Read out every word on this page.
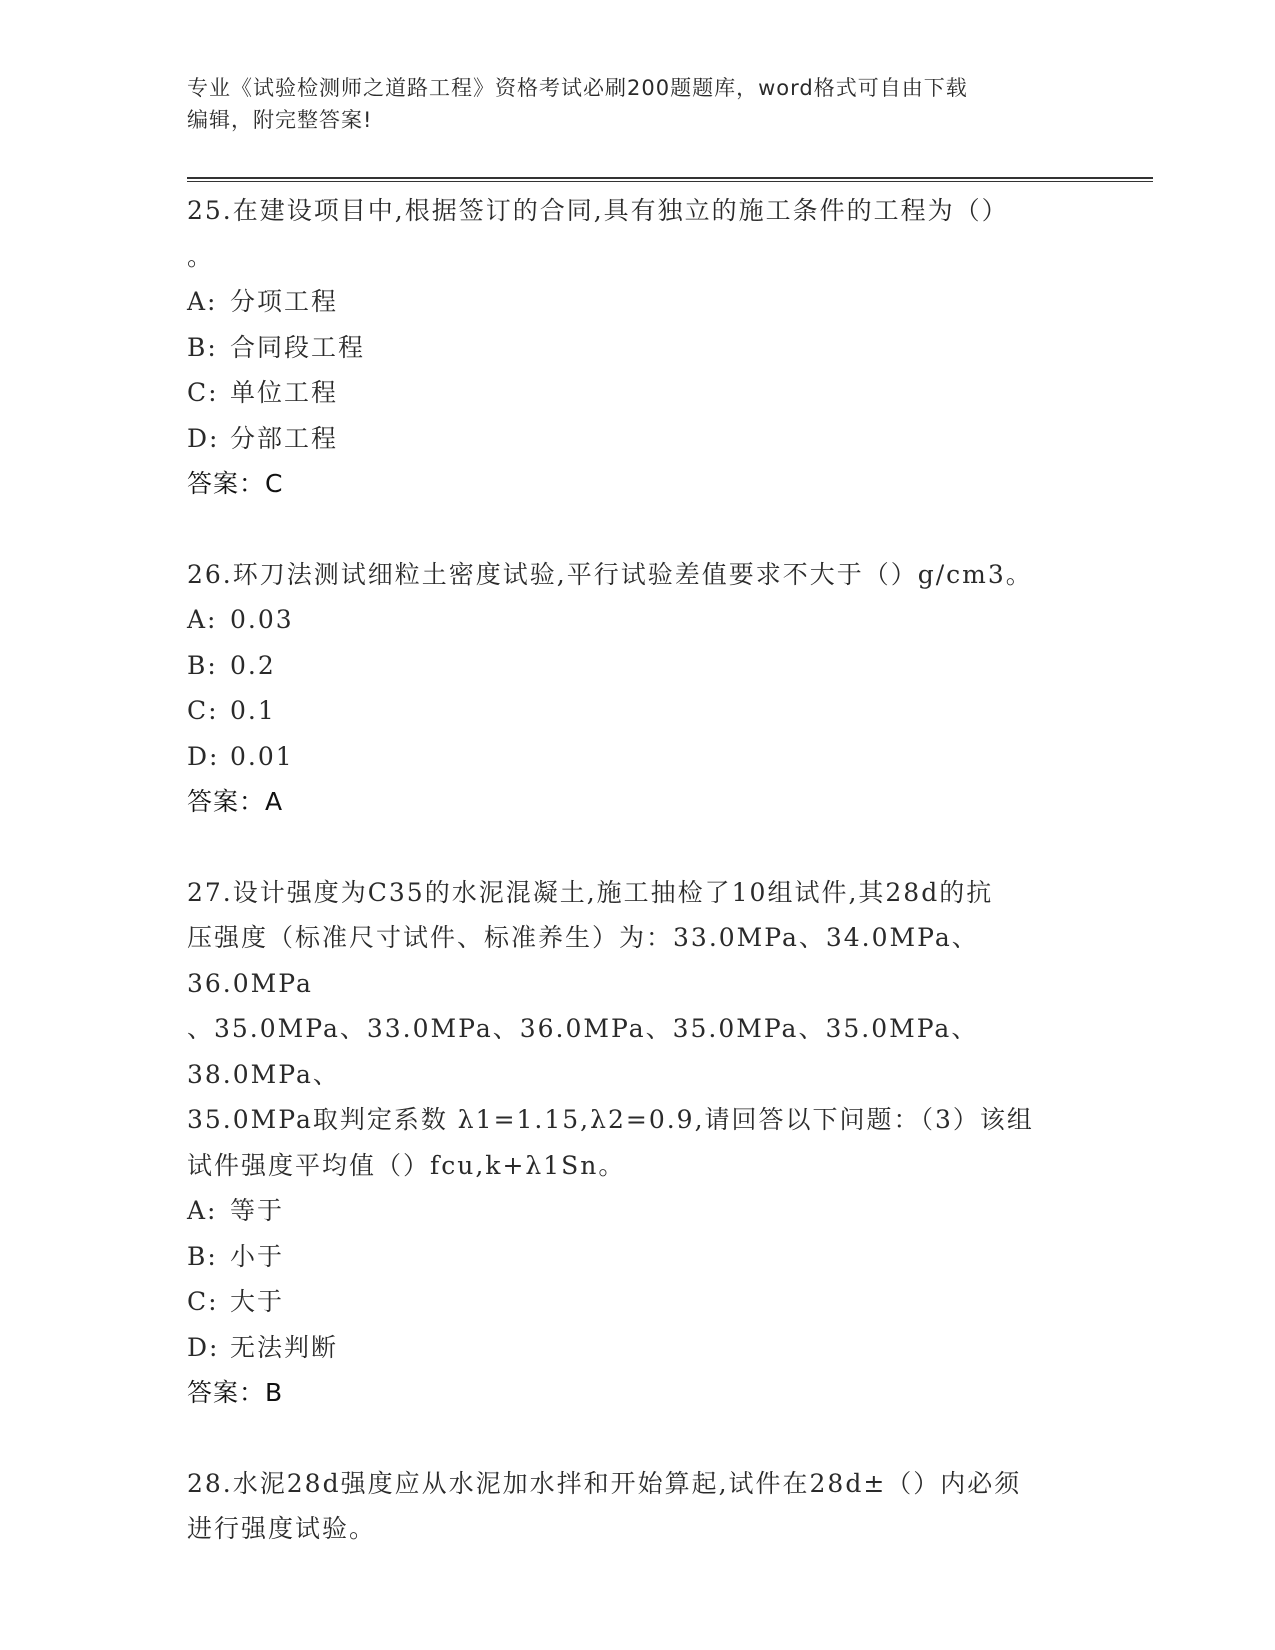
专业《试验检测师之道路工程》资格考试必刷200题题库，word格式可自由下载
编辑，附完整答案!
25.在建设项目中,根据签订的合同,具有独立的施工条件的工程为（）
。
A: 分项工程
B: 合同段工程
C: 单位工程
D: 分部工程
答案：C
26.环刀法测试细粒土密度试验,平行试验差值要求不大于（）g/cm3。
A: 0.03
B: 0.2
C: 0.1
D: 0.01
答案：A
27.设计强度为C35的水泥混凝土,施工抽检了10组试件,其28d的抗
压强度（标准尺寸试件、标准养生）为：33.0MPa、34.0MPa、36.0MPa
、35.0MPa、33.0MPa、36.0MPa、35.0MPa、35.0MPa、38.0MPa、
35.0MPa取判定系数 λ1=1.15,λ2=0.9,请回答以下问题：（3）该组
试件强度平均值（）fcu,k+λ1Sn。
A: 等于
B: 小于
C: 大于
D: 无法判断
答案：B
28.水泥28d强度应从水泥加水拌和开始算起,试件在28d±（）内必须
进行强度试验。
